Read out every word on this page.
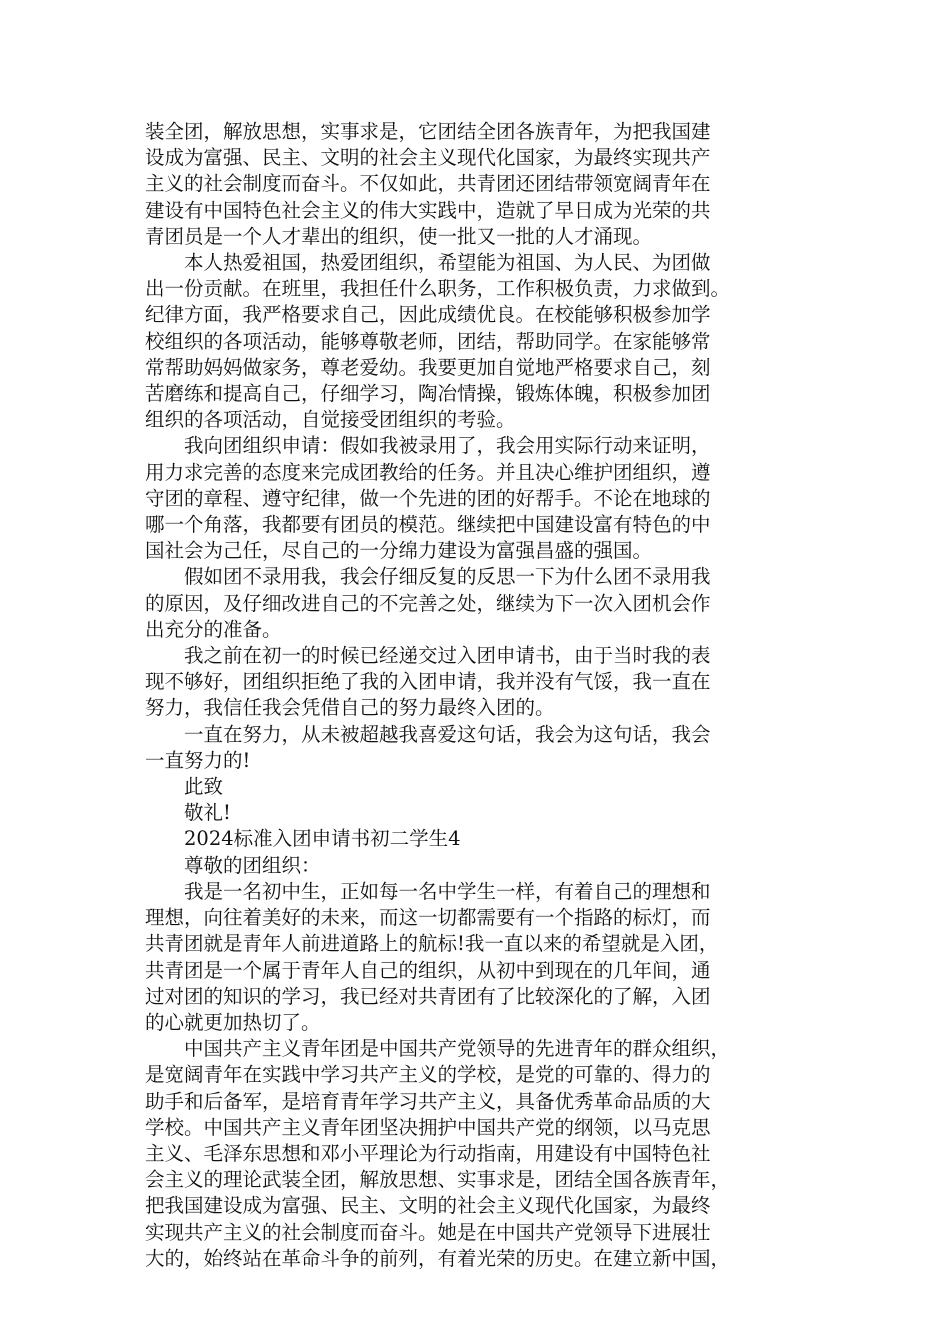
装全团，解放思想，实事求是，它团结全团各族青年，为把我国建
设成为富强、民主、文明的社会主义现代化国家，为最终实现共产
主义的社会制度而奋斗。不仅如此，共青团还团结带领宽阔青年在
建设有中国特色社会主义的伟大实践中，造就了早日成为光荣的共
青团员是一个人才辈出的组织，使一批又一批的人才涌现。

本人热爱祖国，热爱团组织，希望能为祖国、为人民、为团做
出一份贡献。在班里，我担任什么职务，工作积极负责，力求做到。
纪律方面，我严格要求自己，因此成绩优良。在校能够积极参加学
校组织的各项活动，能够尊敬老师，团结，帮助同学。在家能够常
常帮助妈妈做家务，尊老爱幼。我要更加自觉地严格要求自己，刻
苦磨练和提高自己，仔细学习，陶冶情操，锻炼体魄，积极参加团
组织的各项活动，自觉接受团组织的考验。

我向团组织申请：假如我被录用了，我会用实际行动来证明，
用力求完善的态度来完成团教给的任务。并且决心维护团组织，遵
守团的章程、遵守纪律，做一个先进的团的好帮手。不论在地球的
哪一个角落，我都要有团员的模范。继续把中国建设富有特色的中
国社会为己任，尽自己的一分绵力建设为富强昌盛的强国。

假如团不录用我，我会仔细反复的反思一下为什么团不录用我
的原因，及仔细改进自己的不完善之处，继续为下一次入团机会作
出充分的准备。

我之前在初一的时候已经递交过入团申请书，由于当时我的表
现不够好，团组织拒绝了我的入团申请，我并没有气馁，我一直在
努力，我信任我会凭借自己的努力最终入团的。

一直在努力，从未被超越我喜爱这句话，我会为这句话，我会
一直努力的!

此致

敬礼!

2024标准入团申请书初二学生4

尊敬的团组织：

我是一名初中生，正如每一名中学生一样，有着自己的理想和
理想，向往着美好的未来，而这一切都需要有一个指路的标灯，而
共青团就是青年人前进道路上的航标!我一直以来的希望就是入团，
共青团是一个属于青年人自己的组织，从初中到现在的几年间，通
过对团的知识的学习，我已经对共青团有了比较深化的了解，入团
的心就更加热切了。

中国共产主义青年团是中国共产党领导的先进青年的群众组织，
是宽阔青年在实践中学习共产主义的学校，是党的可靠的、得力的
助手和后备军，是培育青年学习共产主义，具备优秀革命品质的大
学校。中国共产主义青年团坚决拥护中国共产党的纲领，以马克思
主义、毛泽东思想和邓小平理论为行动指南，用建设有中国特色社
会主义的理论武装全团，解放思想、实事求是，团结全国各族青年，
把我国建设成为富强、民主、文明的社会主义现代化国家，为最终
实现共产主义的社会制度而奋斗。她是在中国共产党领导下进展壮
大的，始终站在革命斗争的前列，有着光荣的历史。在建立新中国，
